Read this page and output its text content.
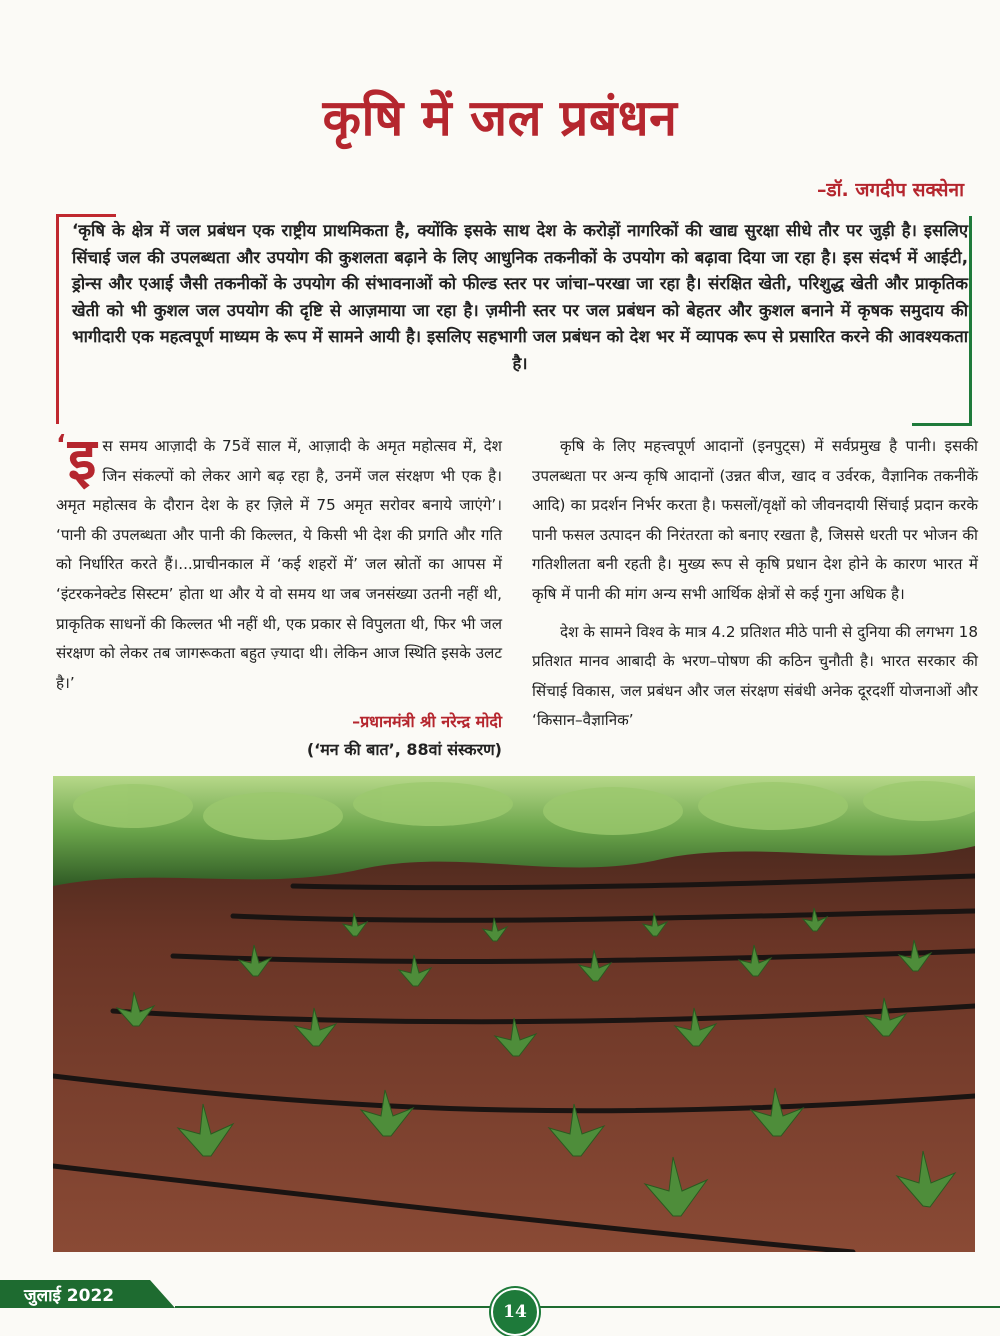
कृषि में जल प्रबंधन
–डॉ. जगदीप सक्सेना
‘कृषि के क्षेत्र में जल प्रबंधन एक राष्ट्रीय प्राथमिकता है, क्योंकि इसके साथ देश के करोड़ों नागरिकों की खाद्य सुरक्षा सीधे तौर पर जुड़ी है। इसलिए सिंचाई जल की उपलब्धता और उपयोग की कुशलता बढ़ाने के लिए आधुनिक तकनीकों के उपयोग को बढ़ावा दिया जा रहा है। इस संदर्भ में आईटी, ड्रोन्स और एआई जैसी तकनीकों के उपयोग की संभावनाओं को फील्ड स्तर पर जांचा–परखा जा रहा है। संरक्षित खेती, परिशुद्ध खेती और प्राकृतिक खेती को भी कुशल जल उपयोग की दृष्टि से आज़माया जा रहा है। ज़मीनी स्तर पर जल प्रबंधन को बेहतर और कुशल बनाने में कृषक समुदाय की भागीदारी एक महत्वपूर्ण माध्यम के रूप में सामने आयी है। इसलिए सहभागी जल प्रबंधन को देश भर में व्यापक रूप से प्रसारित करने की आवश्यकता है।
‘ इ स समय आज़ादी के 75वें साल में, आज़ादी के अमृत महोत्सव में, देश जिन संकल्पों को लेकर आगे बढ़ रहा है, उनमें जल संरक्षण भी एक है। अमृत महोत्सव के दौरान देश के हर ज़िले में 75 अमृत सरोवर बनाये जाएंगे’। ‘पानी की उपलब्धता और पानी की किल्लत, ये किसी भी देश की प्रगति और गति को निर्धारित करते हैं।...प्राचीनकाल में ‘कई शहरों में’ जल स्रोतों का आपस में ‘इंटरकनेक्टेड सिस्टम’ होता था और ये वो समय था जब जनसंख्या उतनी नहीं थी, प्राकृतिक साधनों की किल्लत भी नहीं थी, एक प्रकार से विपुलता थी, फिर भी जल संरक्षण को लेकर तब जागरूकता बहुत ज़्यादा थी। लेकिन आज स्थिति इसके उलट है।’
–प्रधानमंत्री श्री नरेन्द्र मोदी
(‘मन की बात’, 88वां संस्करण)

कृषि के लिए महत्त्वपूर्ण आदानों (इनपुट्स) में सर्वप्रमुख है पानी। इसकी उपलब्धता पर अन्य कृषि आदानों (उन्नत बीज, खाद व उर्वरक, वैज्ञानिक तकनीकें आदि) का प्रदर्शन निर्भर करता है। फसलों/वृक्षों को जीवनदायी सिंचाई प्रदान करके पानी फसल उत्पादन की निरंतरता को बनाए रखता है, जिससे धरती पर भोजन की गतिशीलता बनी रहती है। मुख्य रूप से कृषि प्रधान देश होने के कारण भारत में कृषि में पानी की मांग अन्य सभी आर्थिक क्षेत्रों से कई गुना अधिक है।

देश के सामने विश्व के मात्र 4.2 प्रतिशत मीठे पानी से दुनिया की लगभग 18 प्रतिशत मानव आबादी के भरण–पोषण की कठिन चुनौती है। भारत सरकार की सिंचाई विकास, जल प्रबंधन और जल संरक्षण संबंधी अनेक दूरदर्शी योजनाओं और ‘किसान–वैज्ञानिक’

जुलाई 2022
14
